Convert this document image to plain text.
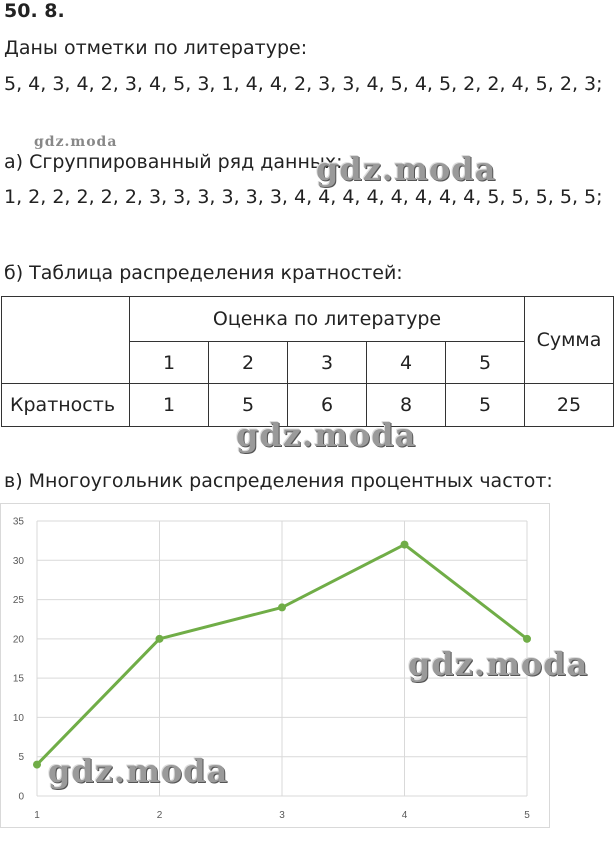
50. 8.
Даны отметки по литературе:
5, 4, 3, 4, 2, 3, 4, 5, 3, 1, 4, 4, 2, 3, 3, 4, 5, 4, 5, 2, 2, 4, 5, 2, 3;
gdz.moda
а) Сгруппированный ряд данных:
gdz.moda
1, 2, 2, 2, 2, 2, 3, 3, 3, 3, 3, 3, 4, 4, 4, 4, 4, 4, 4, 4, 5, 5, 5, 5, 5;
б) Таблица распределения кратностей:
	Оценка по литературе					Сумма
	1	2	3	4	5	
Кратность	1	5	6	8	5	25
gdz.moda
в) Многоугольник распределения процентных частот:
0
5
10
15
20
25
30
35
1	2	3	4	5
gdz.moda
gdz.moda
